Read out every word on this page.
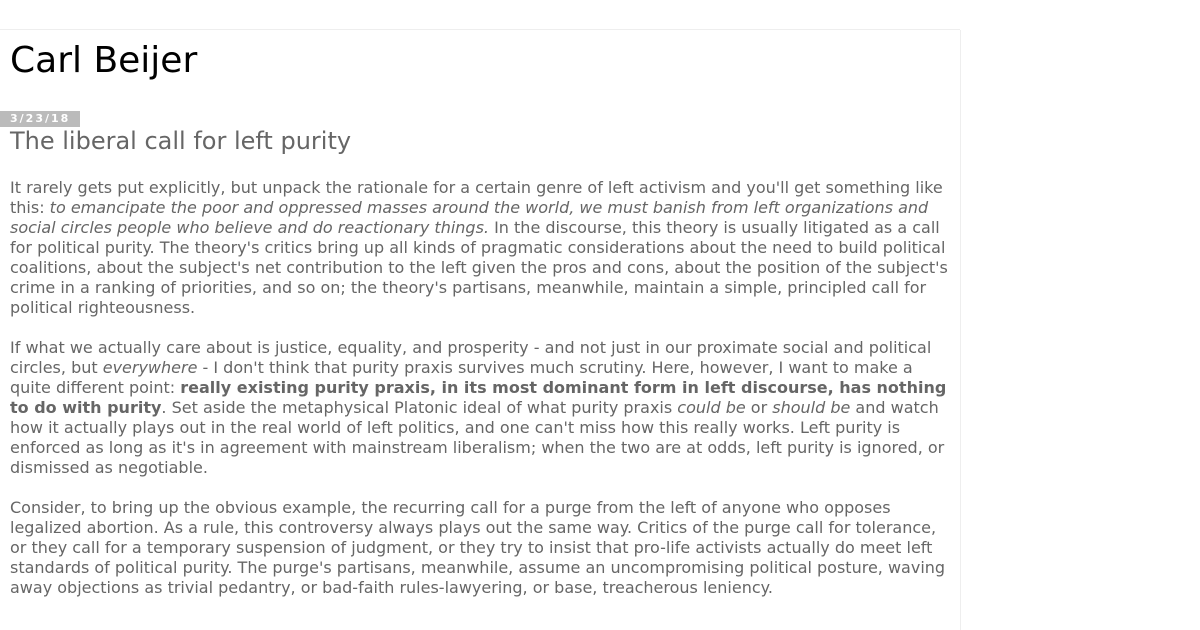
Carl Beijer
3/23/18
The liberal call for left purity

It rarely gets put explicitly, but unpack the rationale for a certain genre of left activism and you'll get something like this: to emancipate the poor and oppressed masses around the world, we must banish from left organizations and social circles people who believe and do reactionary things. In the discourse, this theory is usually litigated as a call for political purity. The theory's critics bring up all kinds of pragmatic considerations about the need to build political coalitions, about the subject's net contribution to the left given the pros and cons, about the position of the subject's crime in a ranking of priorities, and so on; the theory's partisans, meanwhile, maintain a simple, principled call for political righteousness.

If what we actually care about is justice, equality, and prosperity - and not just in our proximate social and political circles, but everywhere - I don't think that purity praxis survives much scrutiny. Here, however, I want to make a quite different point: really existing purity praxis, in its most dominant form in left discourse, has nothing to do with purity. Set aside the metaphysical Platonic ideal of what purity praxis could be or should be and watch how it actually plays out in the real world of left politics, and one can't miss how this really works. Left purity is enforced as long as it's in agreement with mainstream liberalism; when the two are at odds, left purity is ignored, or dismissed as negotiable.

Consider, to bring up the obvious example, the recurring call for a purge from the left of anyone who opposes legalized abortion. As a rule, this controversy always plays out the same way. Critics of the purge call for tolerance, or they call for a temporary suspension of judgment, or they try to insist that pro-life activists actually do meet left standards of political purity. The purge's partisans, meanwhile, assume an uncompromising political posture, waving away objections as trivial pedantry, or bad-faith rules-lawyering, or base, treacherous leniency.
